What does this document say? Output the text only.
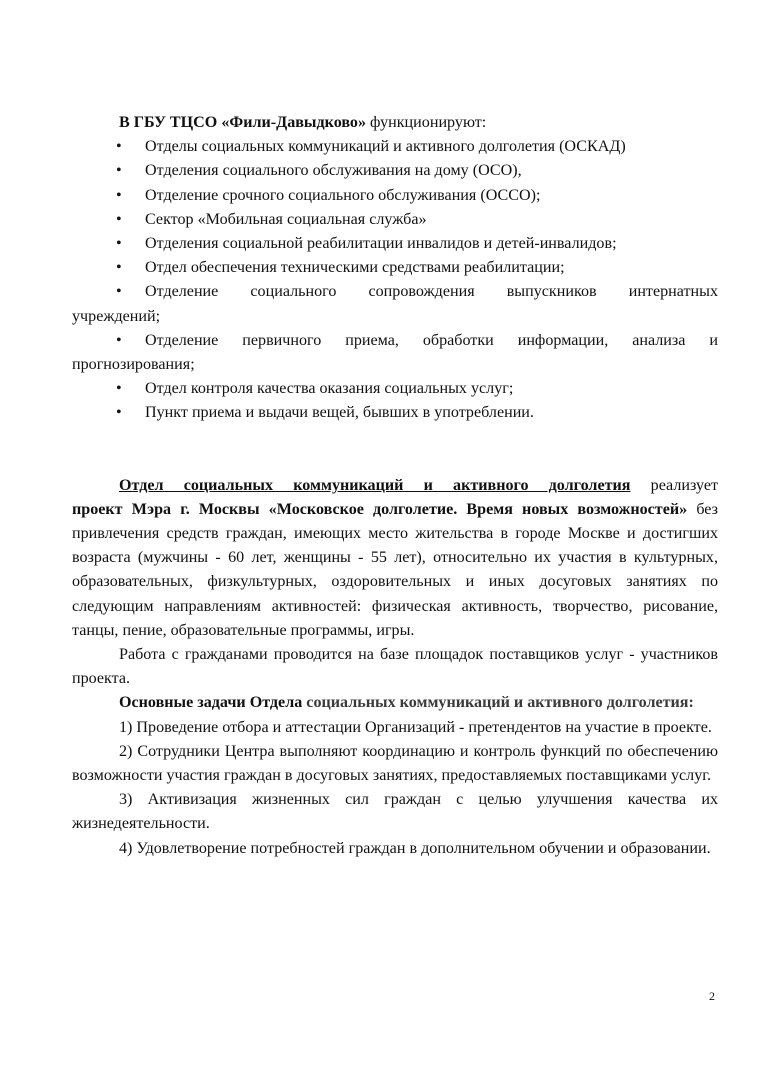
В ГБУ ТЦСО «Фили-Давыдково» функционируют:

• Отделы социальных коммуникаций и активного долголетия (ОСКАД)
• Отделения социального обслуживания на дому (ОСО),
• Отделение срочного социального обслуживания (ОССО);
• Сектор «Мобильная социальная служба»
• Отделения социальной реабилитации инвалидов и детей-инвалидов;
• Отдел обеспечения техническими средствами реабилитации;

• Отделение социального сопровождения выпускников интернатных

учреждений;

• Отделение первичного приема, обработки информации, анализа и

прогнозирования;

• Отдел контроля качества оказания социальных услуг;
• Пункт приема и выдачи вещей, бывших в употреблении.

Отдел социальных коммуникаций и активного долголетия реализует

проект Мэра г. Москвы «Московское долголетие. Время новых возможностей» без привлечения средств граждан, имеющих место жительства в городе Москве и достигших возраста (мужчины - 60 лет, женщины - 55 лет), относительно их участия в культурных, образовательных, физкультурных, оздоровительных и иных досуговых занятиях по следующим направлениям активностей: физическая активность, творчество, рисование, танцы, пение, образовательные программы, игры.

Работа с гражданами проводится на базе площадок поставщиков услуг - участников проекта.

Основные задачи Отдела социальных коммуникаций и активного долголетия:

1) Проведение отбора и аттестации Организаций - претендентов на участие в проекте.

2) Сотрудники Центра выполняют координацию и контроль функций по обеспечению возможности участия граждан в досуговых занятиях, предоставляемых поставщиками услуг.

3) Активизация жизненных сил граждан с целью улучшения качества их жизнедеятельности.

4) Удовлетворение потребностей граждан в дополнительном обучении и образовании.

2
